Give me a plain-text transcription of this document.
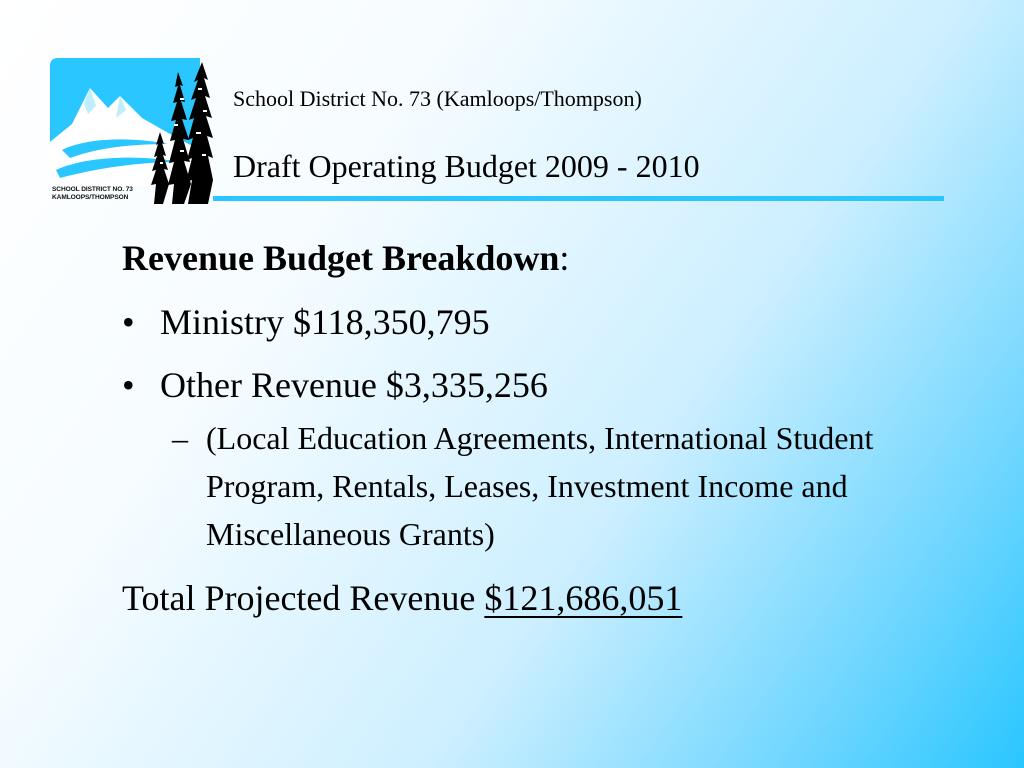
SCHOOL DISTRICT NO. 73
KAMLOOPS/THOMPSON
School District No. 73 (Kamloops/Thompson)
Draft Operating Budget 2009 - 2010
Revenue Budget Breakdown:
• Ministry $118,350,795
• Other Revenue $3,335,256
– (Local Education Agreements, International Student Program, Rentals, Leases, Investment Income and Miscellaneous Grants)
Total Projected Revenue $121,686,051
